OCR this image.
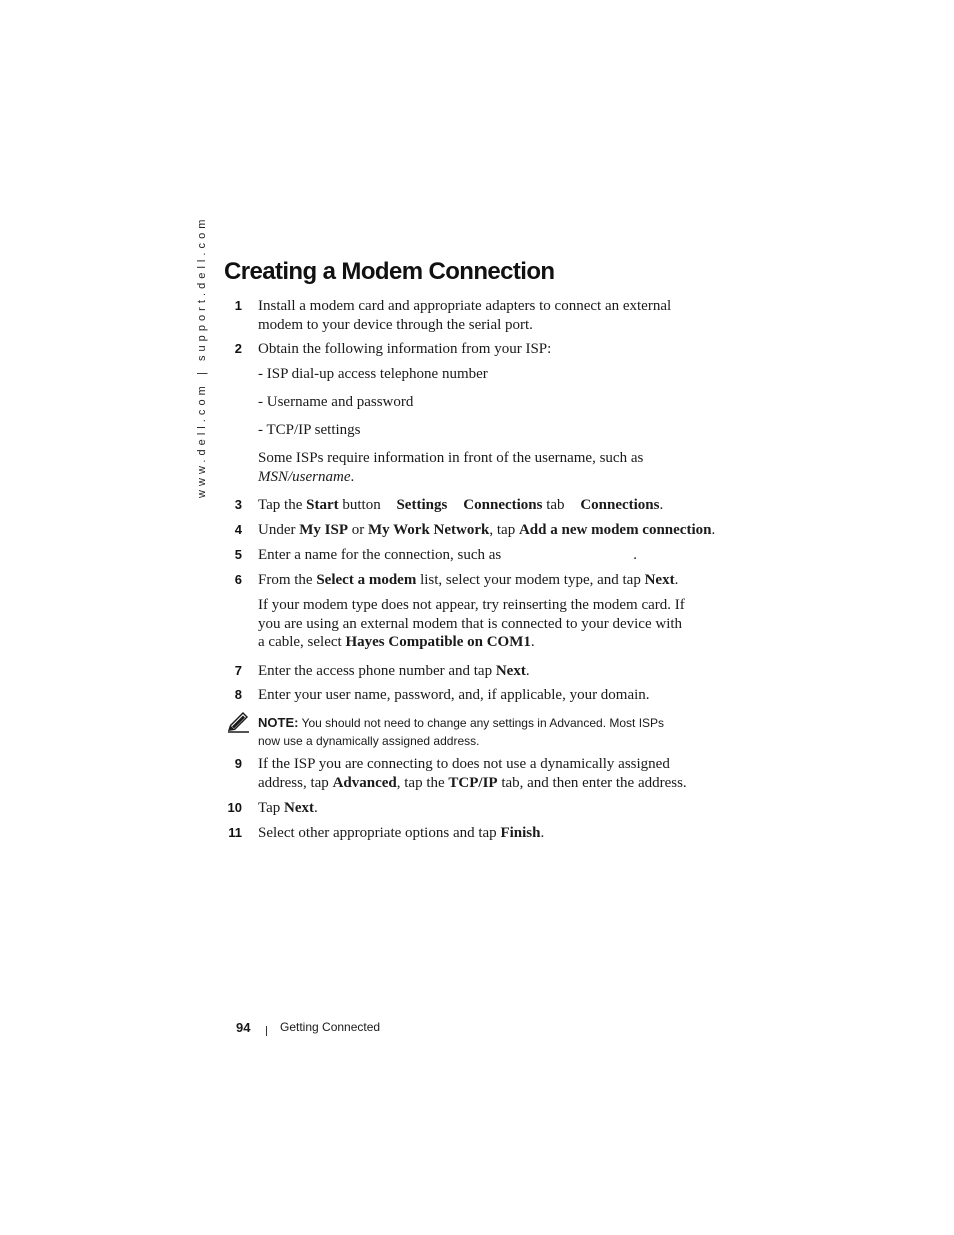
www.dell.com | support.dell.com Creating a Modem Connection
1 Install a modem card and appropriate adapters to connect an external
modem to your device through the serial port.
2 Obtain the following information from your ISP:
- ISP dial-up access telephone number
- Username and password
- TCP/IP settings
Some ISPs require information in front of the username, such as
MSN/username.
3 Tap the Start button Settings Connections tab Connections.
4 Under My ISP or My Work Network, tap Add a new modem connection.
5 Enter a name for the connection, such as	.
6 From the Select a modem list, select your modem type, and tap Next.
If your modem type does not appear, try reinserting the modem card. If
you are using an external modem that is connected to your device with
a cable, select Hayes Compatible on COM1.
7 Enter the access phone number and tap Next.
8 Enter your user name, password, and, if applicable, your domain.
NOTE: You should not need to change any settings in Advanced. Most ISPs
now use a dynamically assigned address.
9 If the ISP you are connecting to does not use a dynamically assigned
address, tap Advanced, tap the TCP/IP tab, and then enter the address.
10 Tap Next.
11 Select other appropriate options and tap Finish.
94 Getting Connected
